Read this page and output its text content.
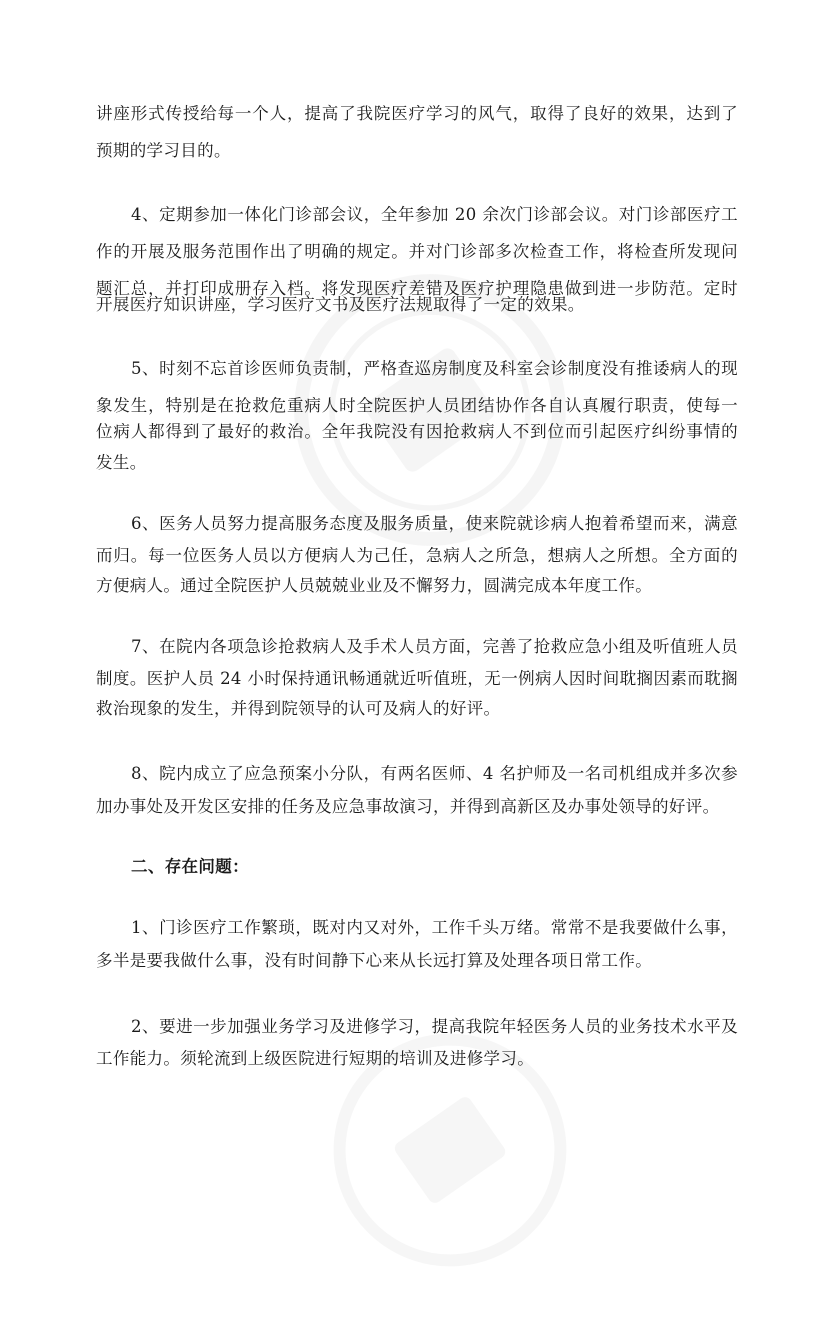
讲座形式传授给每一个人，提高了我院医疗学习的风气，取得了良好的效果，达到了
预期的学习目的。
4、定期参加一体化门诊部会议，全年参加 20 余次门诊部会议。对门诊部医疗工
作的开展及服务范围作出了明确的规定。并对门诊部多次检查工作，将检查所发现问
题汇总，并打印成册存入档。将发现医疗差错及医疗护理隐患做到进一步防范。定时
开展医疗知识讲座，学习医疗文书及医疗法规取得了一定的效果。
5、时刻不忘首诊医师负责制，严格查巡房制度及科室会诊制度没有推诿病人的现
象发生，特别是在抢救危重病人时全院医护人员团结协作各自认真履行职责，使每一
位病人都得到了最好的救治。全年我院没有因抢救病人不到位而引起医疗纠纷事情的
发生。
6、医务人员努力提高服务态度及服务质量，使来院就诊病人抱着希望而来，满意
而归。每一位医务人员以方便病人为己任，急病人之所急，想病人之所想。全方面的
方便病人。通过全院医护人员兢兢业业及不懈努力，圆满完成本年度工作。
7、在院内各项急诊抢救病人及手术人员方面，完善了抢救应急小组及听值班人员
制度。医护人员 24 小时保持通讯畅通就近听值班，无一例病人因时间耽搁因素而耽搁
救治现象的发生，并得到院领导的认可及病人的好评。
8、院内成立了应急预案小分队，有两名医师、4 名护师及一名司机组成并多次参
加办事处及开发区安排的任务及应急事故演习，并得到高新区及办事处领导的好评。
二、存在问题：
1、门诊医疗工作繁琐，既对内又对外，工作千头万绪。常常不是我要做什么事，
多半是要我做什么事，没有时间静下心来从长远打算及处理各项日常工作。
2、要进一步加强业务学习及进修学习，提高我院年轻医务人员的业务技术水平及
工作能力。须轮流到上级医院进行短期的培训及进修学习。
